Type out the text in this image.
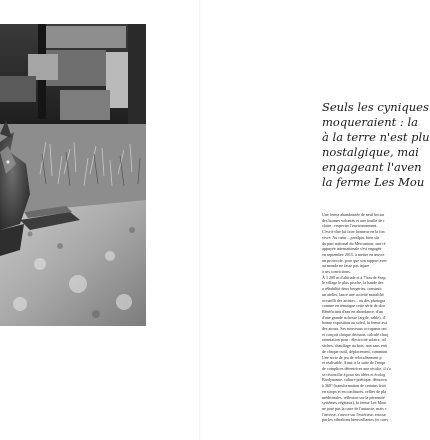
Seuls les cyniques
moqueraient : la
à la terre n'est plu
nostalgique, mai
engageant l'aven
la ferme Les Mou
Une ferme abandonnée de neuf hectar
des bonnes volontés et une feuille de r
claire : respecter l'environnement.
C'est-à-dire lui faire honneur en la fon
vivre. Au cœur – préalpin, bien sûr
du parc national du Mercantour, une ré
appuyée internationale s'est engagée
en septembre 2015, à mettre en œuvre
un protocole, pour que son rapport avec
au monde ne fasse pas injure
à ses convictions.
À 1 200 m d'altitude et à 7 km de Sosp
le village le plus proche, la bande des
a réhabilité deux bergeries, construit
un atelier, lancé une activité maraîchè
accueilli des artistes... ou des photogra
comme en témoigne cette série de dou
Bénéficiant d'eau en abondance, d'un
d'une grande richesse (argile, sable), d'
bonne exposition au soleil, la ferme ava
des atouts. Ses nouveaux occupants ont
et conçoit chaque décision, calculé chaq
orientation pour : électricité solaire, tol
sèches, chauffage au bois, non sans enti
de chaque outil, déplacement, communi
Une sorte de jeu de relocalisement p
et réalisable. Ainsi, à la suite de l'empr
de complices détentrices une récolte, il s'a
se réconcilie à pour ses idées et écolog
Biodynamie, culture poétique, démocra
à 360° (transformation de certains fruit
en sirops et en confitures, cellier de pla
médicinales, réflexion sur la pérennité
systèmes végétaux), la ferme Les Mout
ne joue pas la carte de l'autarcie, mais c
l'inverse, s'ouvre sur l'extérieur, encour
par les vibrations bienveillantes (et conv
